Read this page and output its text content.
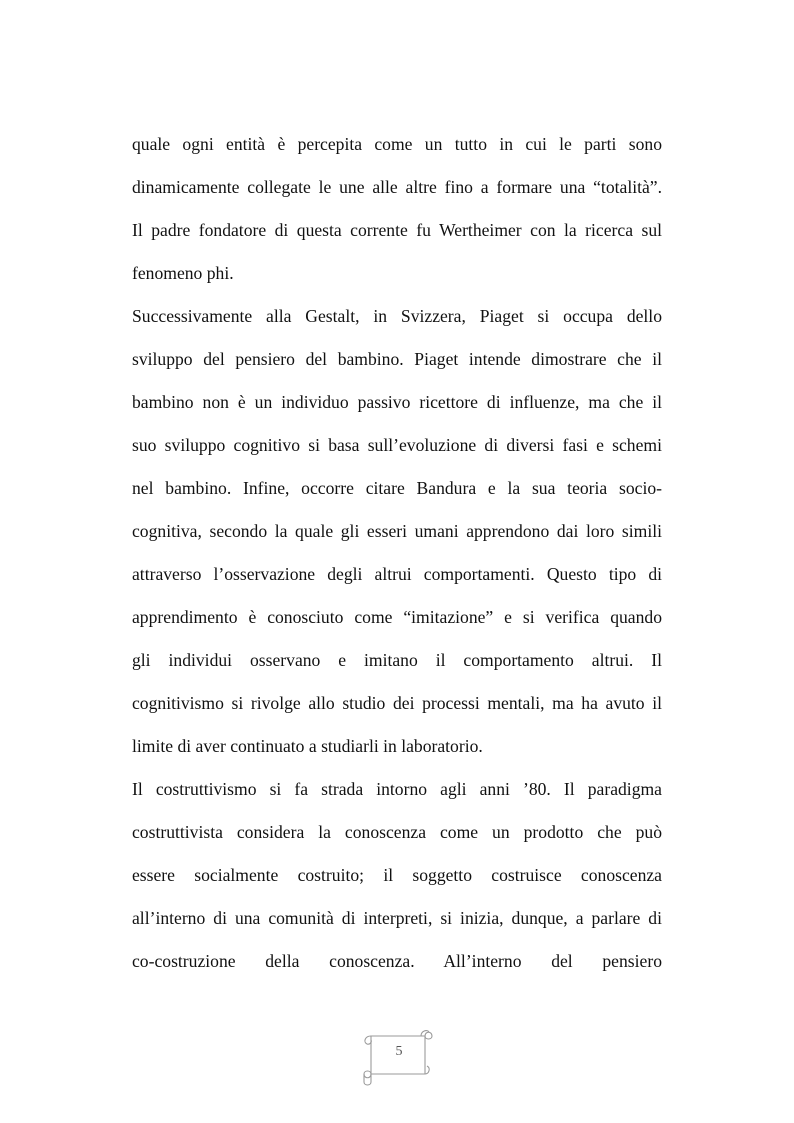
quale ogni entità è percepita come un tutto in cui le parti sono
dinamicamente collegate le une alle altre fino a formare una “totalità”.
Il padre fondatore di questa corrente fu Wertheimer con la ricerca sul
fenomeno phi.
Successivamente alla Gestalt, in Svizzera, Piaget si occupa dello
sviluppo del pensiero del bambino. Piaget intende dimostrare che il
bambino non è un individuo passivo ricettore di influenze, ma che il
suo sviluppo cognitivo si basa sull’evoluzione di diversi fasi e schemi
nel bambino. Infine, occorre citare Bandura e la sua teoria socio-
cognitiva, secondo la quale gli esseri umani apprendono dai loro simili
attraverso l’osservazione degli altrui comportamenti. Questo tipo di
apprendimento è conosciuto come “imitazione” e si verifica quando
gli individui osservano e imitano il comportamento altrui. Il
cognitivismo si rivolge allo studio dei processi mentali, ma ha avuto il
limite di aver continuato a studiarli in laboratorio.
Il costruttivismo si fa strada intorno agli anni ’80. Il paradigma
costruttivista considera la conoscenza come un prodotto che può
essere socialmente costruito; il soggetto costruisce conoscenza
all’interno di una comunità di interpreti, si inizia, dunque, a parlare di
co-costruzione della conoscenza. All’interno del pensiero
5
